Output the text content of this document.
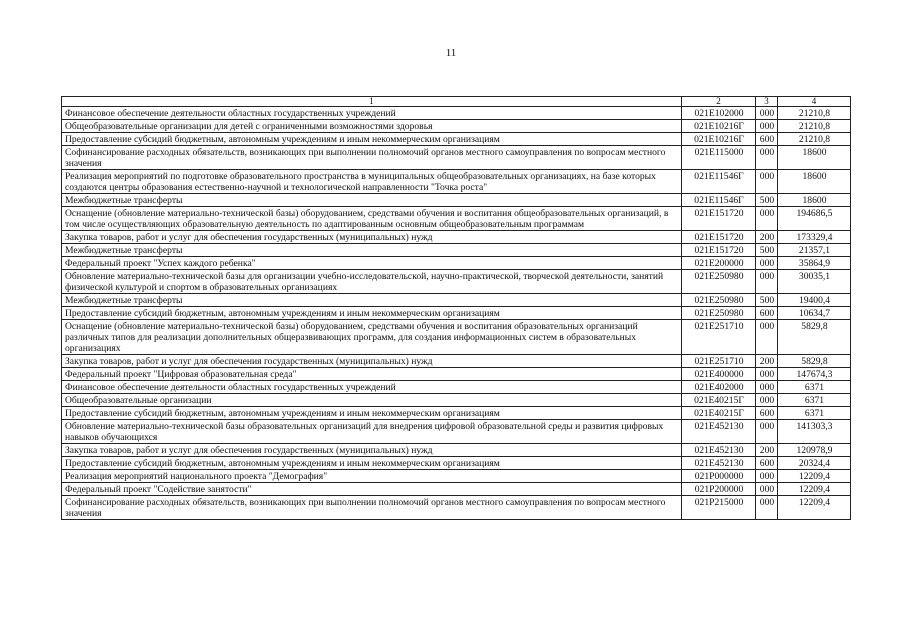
11
1	2	3	4
Финансовое обеспечение деятельности областных государственных учреждений	021E102000	000	21210,8
Общеобразовательные организации для детей с ограниченными возможностями здоровья	021E10216Г	000	21210,8
Предоставление субсидий бюджетным, автономным учреждениям и иным некоммерческим организациям	021E10216Г	600	21210,8
Софинансирование расходных обязательств, возникающих при выполнении полномочий органов местного самоуправления по вопросам местного значения	021E115000	000	18600
Реализация мероприятий по подготовке образовательного пространства в муниципальных общеобразовательных организациях, на базе которых создаются центры образования естественно-научной и технологической направленности "Точка роста"	021E11546Г	000	18600
Межбюджетные трансферты	021E11546Г	500	18600
Оснащение (обновление материально-технической базы) оборудованием, средствами обучения и воспитания общеобразовательных организаций, в том числе осуществляющих образовательную деятельность по адаптированным основным общеобразовательным программам	021E151720	000	194686,5
Закупка товаров, работ и услуг для обеспечения государственных (муниципальных) нужд	021E151720	200	173329,4
Межбюджетные трансферты	021E151720	500	21357,1
Федеральный проект "Успех каждого ребенка"	021E200000	000	35864,9
Обновление материально-технической базы для организации учебно-исследовательской, научно-практической, творческой деятельности, занятий физической культурой и спортом в образовательных организациях	021E250980	000	30035,1
Межбюджетные трансферты	021E250980	500	19400,4
Предоставление субсидий бюджетным, автономным учреждениям и иным некоммерческим организациям	021E250980	600	10634,7
Оснащение (обновление материально-технической базы) оборудованием, средствами обучения и воспитания образовательных организаций различных типов для реализации дополнительных общеразвивающих программ, для создания информационных систем в образовательных организациях	021E251710	000	5829,8
Закупка товаров, работ и услуг для обеспечения государственных (муниципальных) нужд	021E251710	200	5829,8
Федеральный проект "Цифровая образовательная среда"	021E400000	000	147674,3
Финансовое обеспечение деятельности областных государственных учреждений	021E402000	000	6371
Общеобразовательные организации	021E40215Г	000	6371
Предоставление субсидий бюджетным, автономным учреждениям и иным некоммерческим организациям	021E40215Г	600	6371
Обновление материально-технической базы образовательных организаций для внедрения цифровой образовательной среды и развития цифровых навыков обучающихся	021E452130	000	141303,3
Закупка товаров, работ и услуг для обеспечения государственных (муниципальных) нужд	021E452130	200	120978,9
Предоставление субсидий бюджетным, автономным учреждениям и иным некоммерческим организациям	021E452130	600	20324,4
Реализация мероприятий национального проекта "Демография"	021P000000	000	12209,4
Федеральный проект "Содействие занятости"	021P200000	000	12209,4
Софинансирование расходных обязательств, возникающих при выполнении полномочий органов местного самоуправления по вопросам местного значения	021P215000	000	12209,4
